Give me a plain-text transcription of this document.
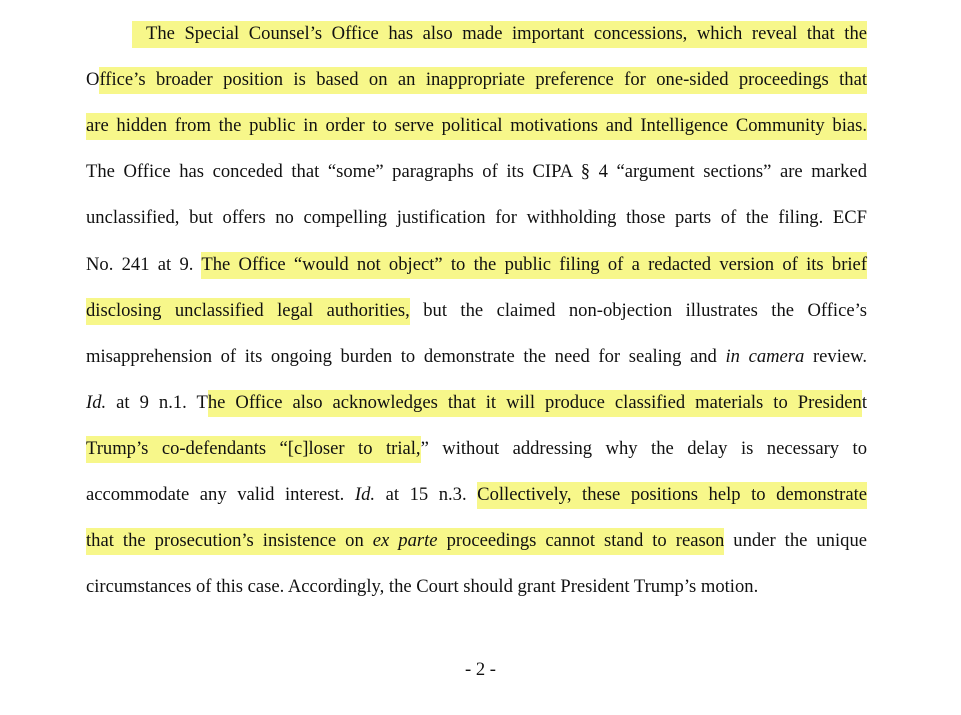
The Special Counsel’s Office has also made important concessions, which reveal that the
Office’s broader position is based on an inappropriate preference for one-sided proceedings that
are hidden from the public in order to serve political motivations and Intelligence Community bias.
The Office has conceded that “some” paragraphs of its CIPA § 4 “argument sections” are marked
unclassified, but offers no compelling justification for withholding those parts of the filing. ECF
No. 241 at 9. The Office “would not object” to the public filing of a redacted version of its brief
disclosing unclassified legal authorities, but the claimed non-objection illustrates the Office’s
misapprehension of its ongoing burden to demonstrate the need for sealing and in camera review.
Id. at 9 n.1. The Office also acknowledges that it will produce classified materials to President
Trump’s co-defendants “[c]loser to trial,” without addressing why the delay is necessary to
accommodate any valid interest. Id. at 15 n.3. Collectively, these positions help to demonstrate
that the prosecution’s insistence on ex parte proceedings cannot stand to reason under the unique
circumstances of this case. Accordingly, the Court should grant President Trump’s motion.
- 2 -
